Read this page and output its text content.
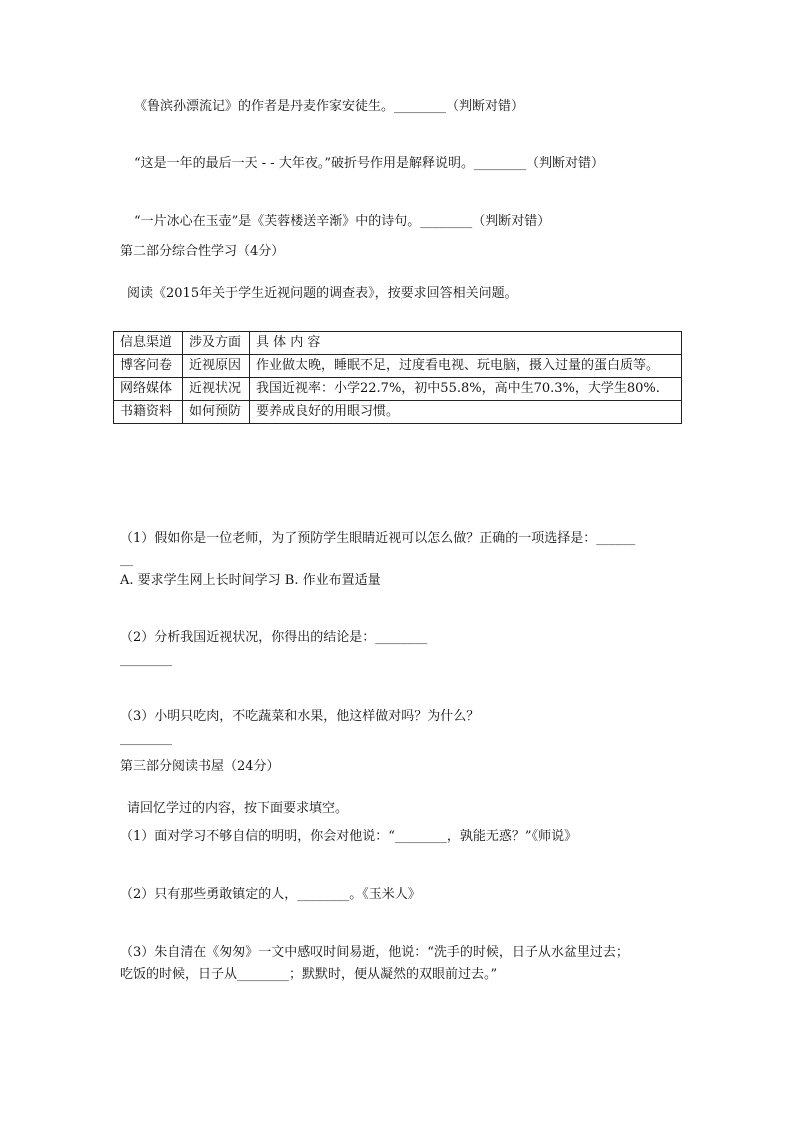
《鲁滨孙漂流记》的作者是丹麦作家安徒生。________（判断对错）
“这是一年的最后一天 - - 大年夜。”破折号作用是解释说明。________（判断对错）
“一片冰心在玉壶”是《芙蓉楼送辛渐》中的诗句。________（判断对错）
第二部分综合性学习（4分）
阅读《2015年关于学生近视问题的调查表》，按要求回答相关问题。
信息渠道	涉及方面	具 体 内 容
博客问卷	近视原因	作业做太晚，睡眠不足，过度看电视、玩电脑，摄入过量的蛋白质等。
网络媒体	近视状况	我国近视率：小学22.7%，初中55.8%，高中生70.3%，大学生80%.
书籍资料	如何预防	要养成良好的用眼习惯。
（1）假如你是一位老师，为了预防学生眼睛近视可以怎么做？正确的一项选择是：______
__
A. 要求学生网上长时间学习 B. 作业布置适量
（2）分析我国近视状况，你得出的结论是：________
________
（3）小明只吃肉，不吃蔬菜和水果，他这样做对吗？为什么？
________
第三部分阅读书屋（24分）
请回忆学过的内容，按下面要求填空。
（1）面对学习不够自信的明明，你会对他说：“________，孰能无惑？”《师说》
（2）只有那些勇敢镇定的人，________。《玉米人》
（3）朱自清在《匆匆》一文中感叹时间易逝，他说：“洗手的时候，日子从水盆里过去；
吃饭的时候，日子从________；默默时，便从凝然的双眼前过去。”
